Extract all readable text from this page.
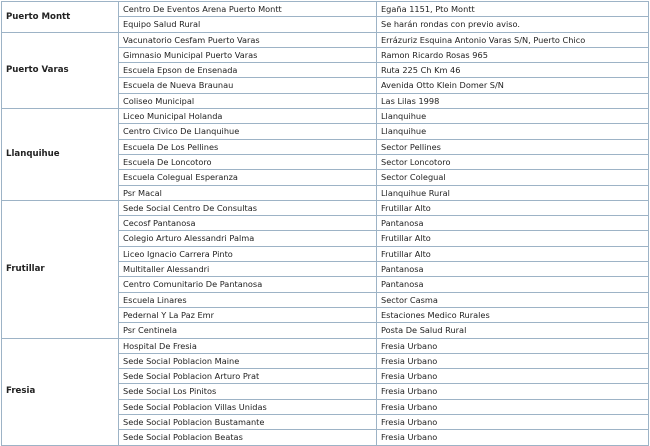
Puerto Montt	Centro De Eventos Arena Puerto Montt	Egaña 1151, Pto Montt
	Equipo Salud Rural	Se harán rondas con previo aviso.
Puerto Varas	Vacunatorio Cesfam Puerto Varas	Errázuriz Esquina Antonio Varas S/N, Puerto Chico
	Gimnasio Municipal Puerto Varas	Ramon Ricardo Rosas 965
	Escuela Epson de Ensenada	Ruta 225 Ch Km 46
	Escuela de Nueva Braunau	Avenida Otto Klein Domer S/N
	Coliseo Municipal	Las Lilas 1998
Llanquihue	Liceo Municipal Holanda	Llanquihue
	Centro Civico De Llanquihue	Llanquihue
	Escuela De Los Pellines	Sector Pellines
	Escuela De Loncotoro	Sector Loncotoro
	Escuela Colegual Esperanza	Sector Colegual
	Psr Macal	Llanquihue Rural
Frutillar	Sede Social Centro De Consultas	Frutillar Alto
	Cecosf Pantanosa	Pantanosa
	Colegio Arturo Alessandri Palma	Frutillar Alto
	Liceo Ignacio Carrera Pinto	Frutillar Alto
	Multitaller Alessandri	Pantanosa
	Centro Comunitario De Pantanosa	Pantanosa
	Escuela Linares	Sector Casma
	Pedernal Y La Paz Emr	Estaciones Medico Rurales
	Psr Centinela	Posta De Salud Rural
Fresia	Hospital De Fresia	Fresia Urbano
	Sede Social Poblacion Maine	Fresia Urbano
	Sede Social Poblacion Arturo Prat	Fresia Urbano
	Sede Social Los Pinitos	Fresia Urbano
	Sede Social Poblacion Villas Unidas	Fresia Urbano
	Sede Social Poblacion Bustamante	Fresia Urbano
	Sede Social Poblacion Beatas	Fresia Urbano
